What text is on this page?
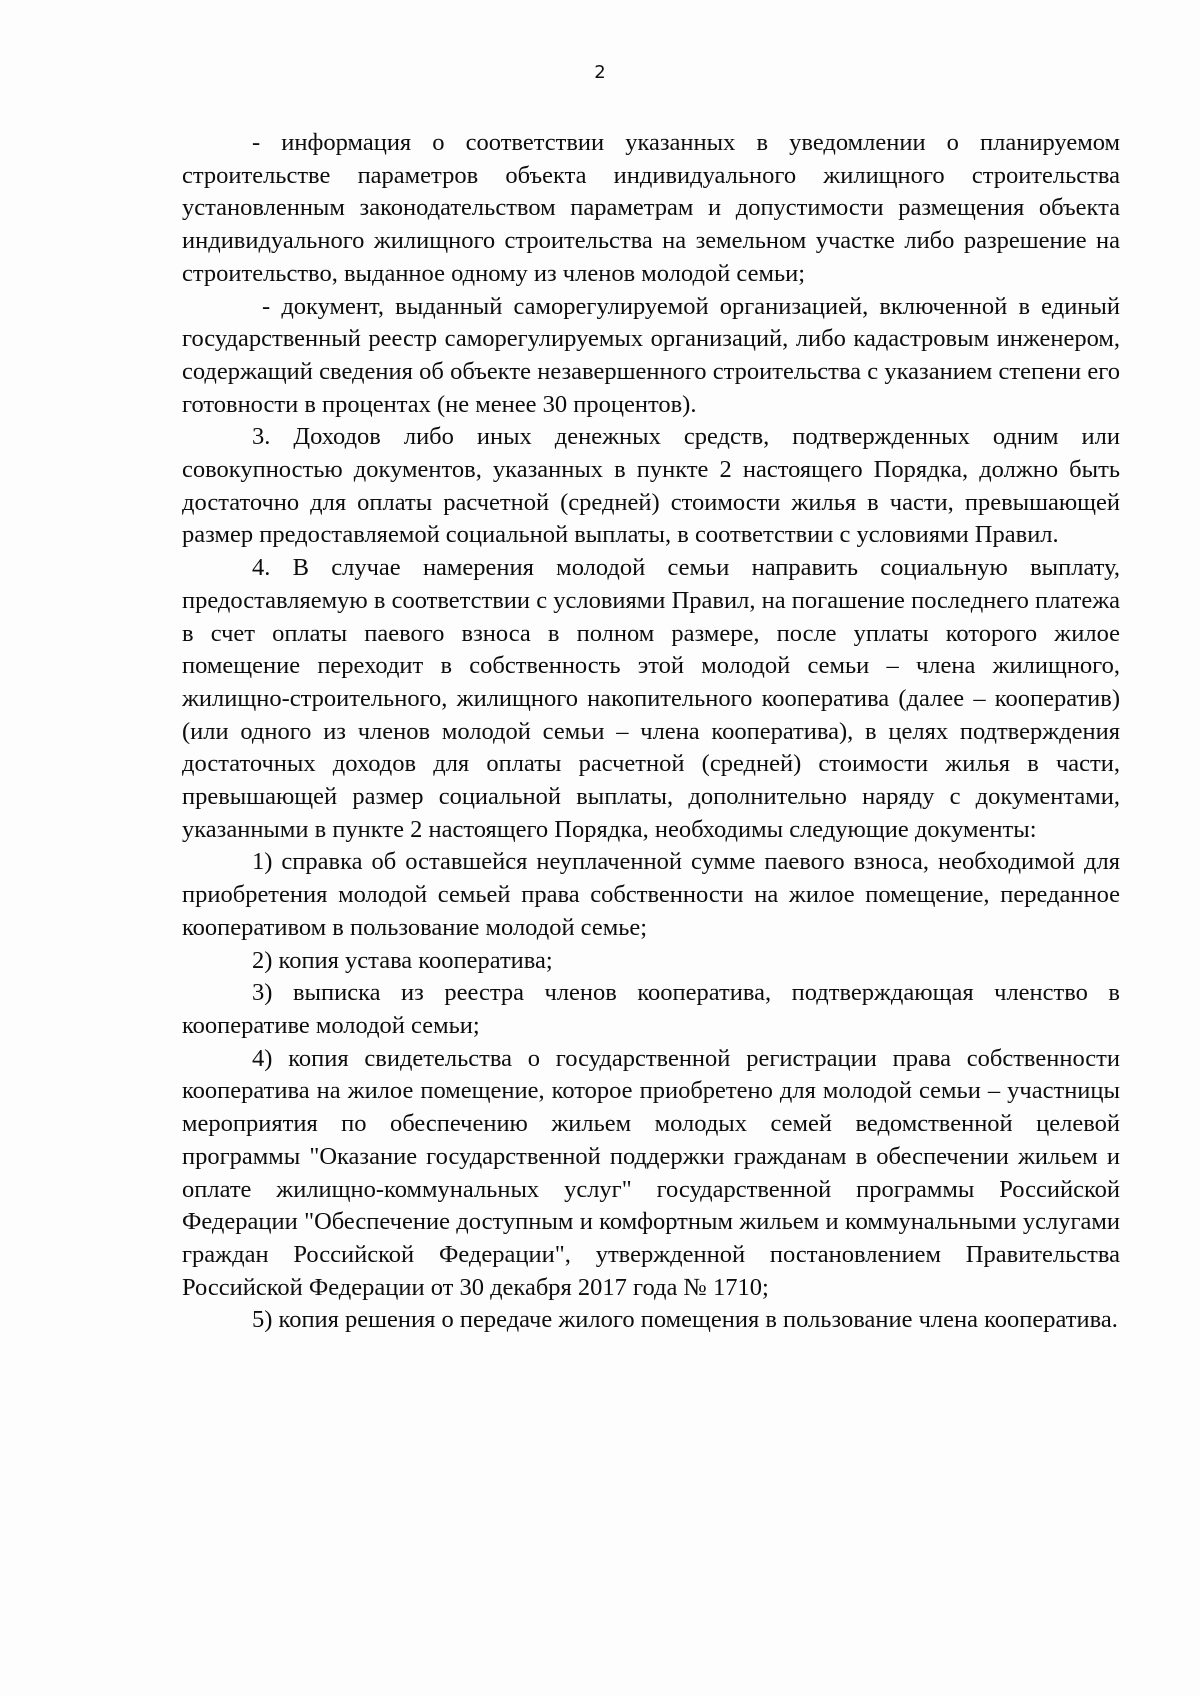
2

- информация о соответствии указанных в уведомлении о планируемом строительстве параметров объекта индивидуального жилищного строительства установленным законодательством параметрам и допустимости размещения объекта индивидуального жилищного строительства на земельном участке либо разрешение на строительство, выданное одному из членов молодой семьи;

- документ, выданный саморегулируемой организацией, включенной в единый государственный реестр саморегулируемых организаций, либо кадастровым инженером, содержащий сведения об объекте незавершенного строительства с указанием степени его готовности в процентах (не менее 30 процентов).

3. Доходов либо иных денежных средств, подтвержденных одним или совокупностью документов, указанных в пункте 2 настоящего Порядка, должно быть достаточно для оплаты расчетной (средней) стоимости жилья в части, превышающей размер предоставляемой социальной выплаты, в соответствии с условиями Правил.

4. В случае намерения молодой семьи направить социальную выплату, предоставляемую в соответствии с условиями Правил, на погашение последнего платежа в счет оплаты паевого взноса в полном размере, после уплаты которого жилое помещение переходит в собственность этой молодой семьи – члена жилищного, жилищно-строительного, жилищного накопительного кооператива (далее – кооператив) (или одного из членов молодой семьи – члена кооператива), в целях подтверждения достаточных доходов для оплаты расчетной (средней) стоимости жилья в части, превышающей размер социальной выплаты, дополнительно наряду с документами, указанными в пункте 2 настоящего Порядка, необходимы следующие документы:

1) справка об оставшейся неуплаченной сумме паевого взноса, необходимой для приобретения молодой семьей права собственности на жилое помещение, переданное кооперативом в пользование молодой семье;

2) копия устава кооператива;

3) выписка из реестра членов кооператива, подтверждающая членство в кооперативе молодой семьи;

4) копия свидетельства о государственной регистрации права собственности кооператива на жилое помещение, которое приобретено для молодой семьи – участницы мероприятия по обеспечению жильем молодых семей ведомственной целевой программы "Оказание государственной поддержки гражданам в обеспечении жильем и оплате жилищно-коммунальных услуг" государственной программы Российской Федерации "Обеспечение доступным и комфортным жильем и коммунальными услугами граждан Российской Федерации", утвержденной постановлением Правительства Российской Федерации от 30 декабря 2017 года № 1710;

5) копия решения о передаче жилого помещения в пользование члена кооператива.
